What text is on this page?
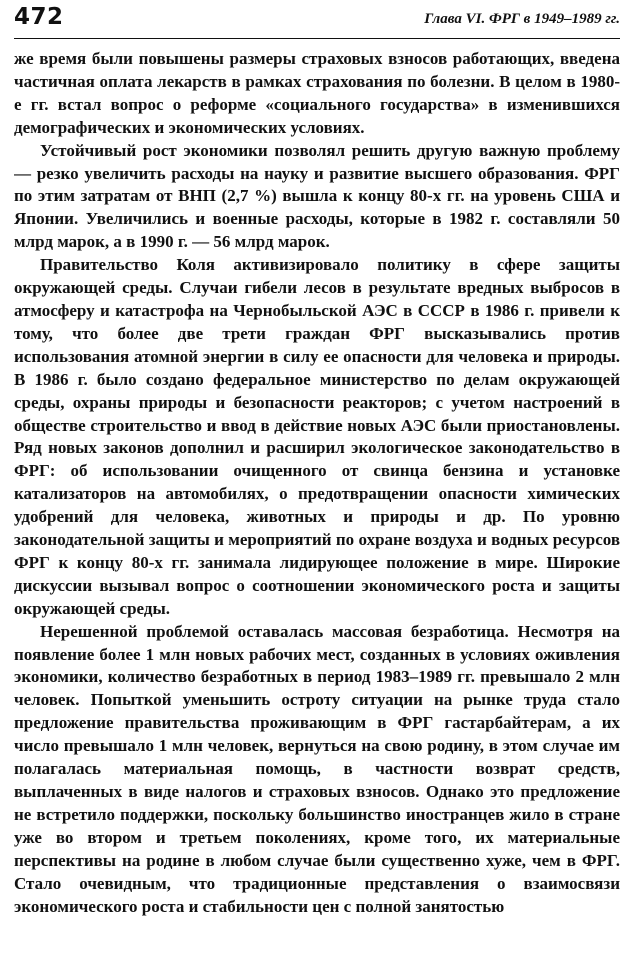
472	Глава VI. ФРГ в 1949–1989 гг.

же время были повышены размеры страховых взносов работающих, введена частичная оплата лекарств в рамках страхования по болезни. В целом в 1980-е гг. встал вопрос о реформе «социального государства» в изменившихся демографических и экономических условиях.

Устойчивый рост экономики позволял решить другую важную проблему — резко увеличить расходы на науку и развитие высшего образования. ФРГ по этим затратам от ВНП (2,7 %) вышла к концу 80-х гг. на уровень США и Японии. Увеличились и военные расходы, которые в 1982 г. составляли 50 млрд марок, а в 1990 г. — 56 млрд марок.

Правительство Коля активизировало политику в сфере защиты окружающей среды. Случаи гибели лесов в результате вредных выбросов в атмосферу и катастрофа на Чернобыльской АЭС в СССР в 1986 г. привели к тому, что более две трети граждан ФРГ высказывались против использования атомной энергии в силу ее опасности для человека и природы. В 1986 г. было создано федеральное министерство по делам окружающей среды, охраны природы и безопасности реакторов; с учетом настроений в обществе строительство и ввод в действие новых АЭС были приостановлены. Ряд новых законов дополнил и расширил экологическое законодательство в ФРГ: об использовании очищенного от свинца бензина и установке катализаторов на автомобилях, о предотвращении опасности химических удобрений для человека, животных и природы и др. По уровню законодательной защиты и мероприятий по охране воздуха и водных ресурсов ФРГ к концу 80-х гг. занимала лидирующее положение в мире. Широкие дискуссии вызывал вопрос о соотношении экономического роста и защиты окружающей среды.

Нерешенной проблемой оставалась массовая безработица. Несмотря на появление более 1 млн новых рабочих мест, созданных в условиях оживления экономики, количество безработных в период 1983–1989 гг. превышало 2 млн человек. Попыткой уменьшить остроту ситуации на рынке труда стало предложение правительства проживающим в ФРГ гастарбайтерам, а их число превышало 1 млн человек, вернуться на свою родину, в этом случае им полагалась материальная помощь, в частности возврат средств, выплаченных в виде налогов и страховых взносов. Однако это предложение не встретило поддержки, поскольку большинство иностранцев жило в стране уже во втором и третьем поколениях, кроме того, их материальные перспективы на родине в любом случае были существенно хуже, чем в ФРГ. Стало очевидным, что традиционные представления о взаимосвязи экономического роста и стабильности цен с полной занятостью
